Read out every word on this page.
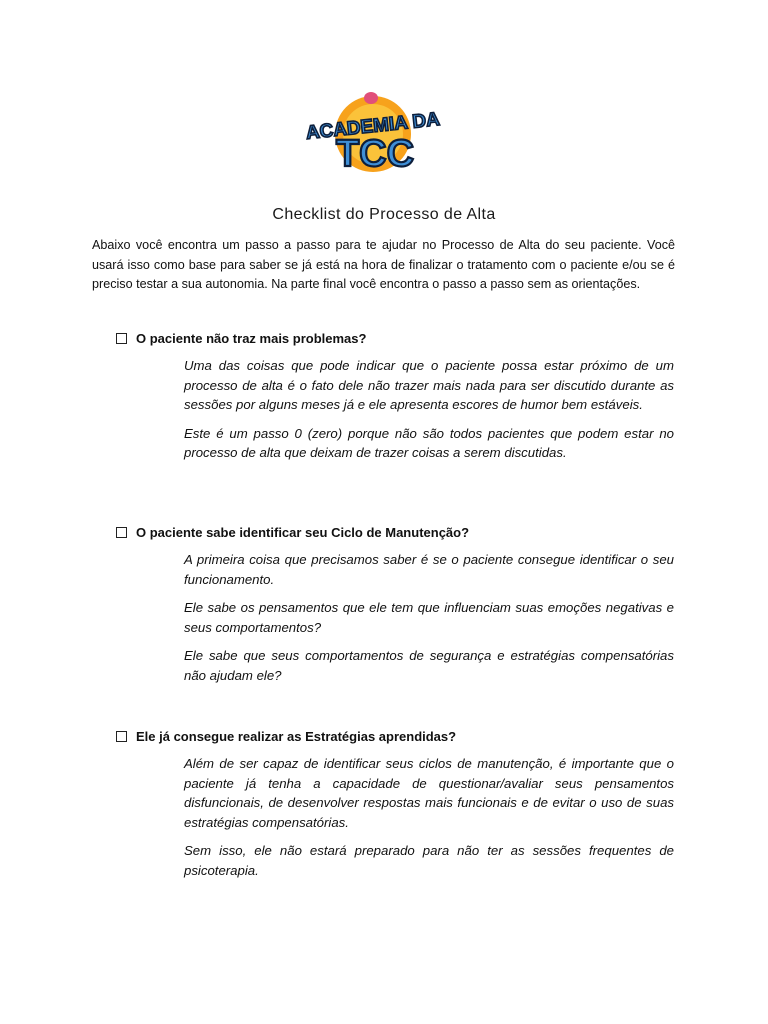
ACADEMIA DA
TCC
Checklist do Processo de Alta

Abaixo você encontra um passo a passo para te ajudar no Processo de Alta do seu paciente. Você usará isso como base para saber se já está na hora de finalizar o tratamento com o paciente e/ou se é preciso testar a sua autonomia. Na parte final você encontra o passo a passo sem as orientações.

O paciente não traz mais problemas?

Uma das coisas que pode indicar que o paciente possa estar próximo de um processo de alta é o fato dele não trazer mais nada para ser discutido durante as sessões por alguns meses já e ele apresenta escores de humor bem estáveis.

Este é um passo 0 (zero) porque não são todos pacientes que podem estar no processo de alta que deixam de trazer coisas a serem discutidas.

O paciente sabe identificar seu Ciclo de Manutenção?

A primeira coisa que precisamos saber é se o paciente consegue identificar o seu funcionamento.

Ele sabe os pensamentos que ele tem que influenciam suas emoções negativas e seus comportamentos?

Ele sabe que seus comportamentos de segurança e estratégias compensatórias não ajudam ele?

Ele já consegue realizar as Estratégias aprendidas?

Além de ser capaz de identificar seus ciclos de manutenção, é importante que o paciente já tenha a capacidade de questionar/avaliar seus pensamentos disfuncionais, de desenvolver respostas mais funcionais e de evitar o uso de suas estratégias compensatórias.

Sem isso, ele não estará preparado para não ter as sessões frequentes de psicoterapia.
